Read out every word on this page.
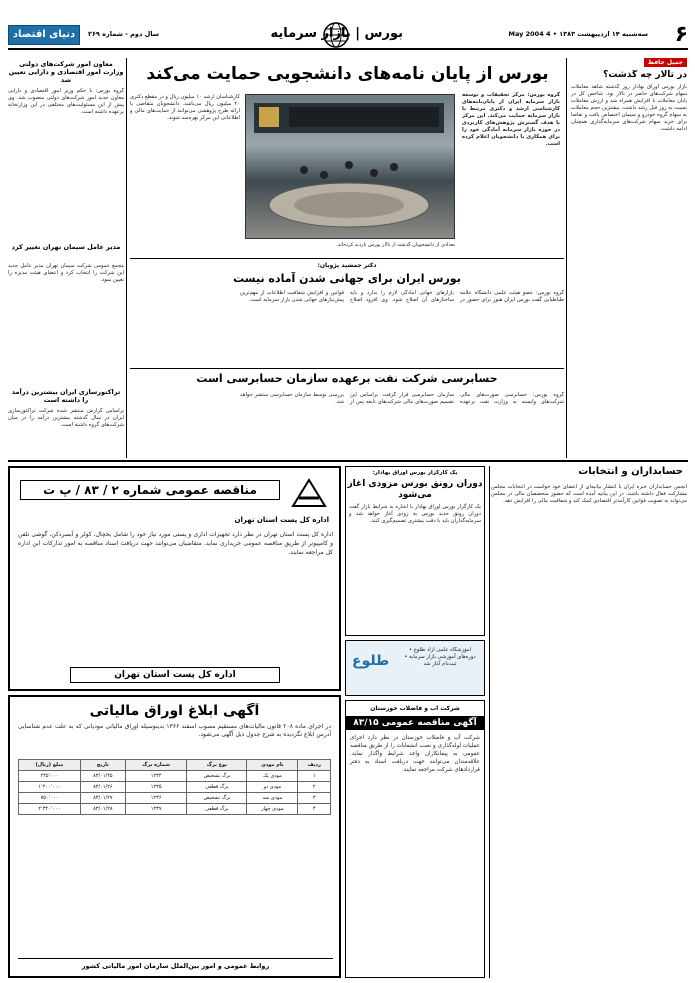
۶
سه‌شنبه ۱۴ اردیبهشت ۱۳۸۳ • 4 May 2004
بورس | بازار سرمایه
سال دوم - شماره ۲۶۹
دنیای اقتصاد
جمیل حافظ
در تالار چه گذشت؟
بازار بورس اوراق بهادار روز گذشته شاهد معاملات سهام شرکت‌های حاضر در تالار بود. شاخص کل در پایان معاملات با افزایش همراه شد و ارزش معاملات نسبت به روز قبل رشد داشت. بیشترین حجم معاملات به سهام گروه خودرو و سیمان اختصاص یافت و تقاضا برای خرید سهام شرکت‌های سرمایه‌گذاری همچنان ادامه داشت.
بورس از پایان نامه‌های دانشجویی حمایت می‌کند
گروه بورس: مرکز تحقیقات و توسعه بازار سرمایه ایران از پایان‌نامه‌های کارشناسی ارشد و دکتری مرتبط با بازار سرمایه حمایت می‌کند. این مرکز با هدف گسترش پژوهش‌های کاربردی در حوزه بازار سرمایه آمادگی خود را برای همکاری با دانشجویان اعلام کرده است.
تعدادی از دانشجویان گذشته از تالار بورس بازدید کرده‌اند.
کارشناسان ارشد ۱۰ میلیون ریال و در مقطع دکتری ۲۰ میلیون ریال می‌باشد. دانشجویان متقاضی با ارائه طرح پژوهشی می‌توانند از حمایت‌های مالی و اطلاعاتی این مرکز بهره‌مند شوند.
دکتر جمشید پژویان:
بورس ایران برای جهانی شدن آماده نیست
گروه بورس: عضو هیئت علمی دانشگاه علامه طباطبایی گفت بورس ایران هنوز برای حضور در بازارهای جهانی آمادگی لازم را ندارد و باید ساختارهای آن اصلاح شود. وی افزود اصلاح قوانین و افزایش شفافیت اطلاعات از مهم‌ترین پیش‌نیازهای جهانی شدن بازار سرمایه است.
حسابرسی شرکت نفت برعهده سازمان حسابرسی است
گروه بورس: حسابرسی صورت‌های مالی شرکت‌های وابسته به وزارت نفت برعهده سازمان حسابرسی قرار گرفت. براساس این تصمیم صورت‌های مالی شرکت‌های تابعه پس از بررسی توسط سازمان حسابرسی منتشر خواهد شد.
معاون امور شرکت‌های دولتی وزارت امور اقتصادی و دارایی تعیین شد
گروه بورس: با حکم وزیر امور اقتصادی و دارایی معاون جدید امور شرکت‌های دولتی منصوب شد. وی پیش از این مسئولیت‌های مختلفی در این وزارتخانه برعهده داشته است.
مدیر عامل سیمان تهران تغییر کرد
مجمع عمومی شرکت سیمان تهران مدیر عامل جدید این شرکت را انتخاب کرد و اعضای هیئت مدیره را تعیین نمود.
تراکتورسازی ایران بیشترین درآمد را داشته است
براساس گزارش منتشر شده شرکت تراکتورسازی ایران در سال گذشته بیشترین درآمد را در میان شرکت‌های گروه داشته است.
حسابداران و انتخابات
انجمن حسابداران خبره ایران با انتشار بیانیه‌ای از اعضای خود خواست در انتخابات مجلس مشارکت فعال داشته باشند. در این بیانیه آمده است که حضور متخصصان مالی در مجلس می‌تواند به تصویب قوانین کارآمدتر اقتصادی کمک کند و شفافیت مالی را افزایش دهد.
یک کارگزار بورس اوراق بهادار:
دوران رونق بورس مزودی آغاز می‌شود
یک کارگزار بورس اوراق بهادار با اشاره به شرایط بازار گفت دوران رونق جدید بورس به زودی آغاز خواهد شد و سرمایه‌گذاران باید با دقت بیشتری تصمیم‌گیری کنند.
مناقصه عمومی شماره ۲ / ۸۳ / پ ت
اداره کل پست استان تهران
اداره کل پست استان تهران در نظر دارد تجهیزات اداری و پستی مورد نیاز خود را شامل یخچال، کولر و آبسردکن، گوشی تلفن و کامپیوتر از طریق مناقصه عمومی خریداری نماید. متقاضیان می‌توانند جهت دریافت اسناد مناقصه به امور تدارکات این اداره کل مراجعه نمایند.
اداره کل پست استان تهران
طلوع
آموزشگاه علمی آزاد طلوع • دوره‌های آموزشی بازار سرمایه • ثبت‌نام آغاز شد
شرکت آب و فاضلاب خوزستان
آگهی مناقصه عمومی ۸۳/۱۵
شرکت آب و فاضلاب خوزستان در نظر دارد اجرای عملیات لوله‌گذاری و نصب انشعابات را از طریق مناقصه عمومی به پیمانکاران واجد شرایط واگذار نماید. علاقه‌مندان می‌توانند جهت دریافت اسناد به دفتر قراردادهای شرکت مراجعه نمایند.
آگهی ابلاغ اوراق مالیاتی
در اجرای ماده ۲۰۸ قانون مالیات‌های مستقیم مصوب اسفند ۱۳۶۶ بدینوسیله اوراق مالیاتی مودیانی که به علت عدم شناسایی آدرس ابلاغ نگردیده به شرح جدول ذیل آگهی می‌شود.
ردیف	نام مودی	نوع برگ	شماره برگ	تاریخ	مبلغ (ریال)
۱	مودی یک	برگ تشخیص	۱۲۳۴	۸۳/۰۱/۲۵	۲۴۵٬۰۰۰
۲	مودی دو	برگ قطعی	۱۲۳۵	۸۳/۰۱/۲۶	۱٬۲۰۰٬۰۰۰
۳	مودی سه	برگ تشخیص	۱۲۳۶	۸۳/۰۱/۲۷	۷۵۰٬۰۰۰
۴	مودی چهار	برگ قطعی	۱۲۳۷	۸۳/۰۱/۲۸	۲٬۳۴۰٬۰۰۰
روابط عمومی و امور بین‌الملل سازمان امور مالیاتی کشور
